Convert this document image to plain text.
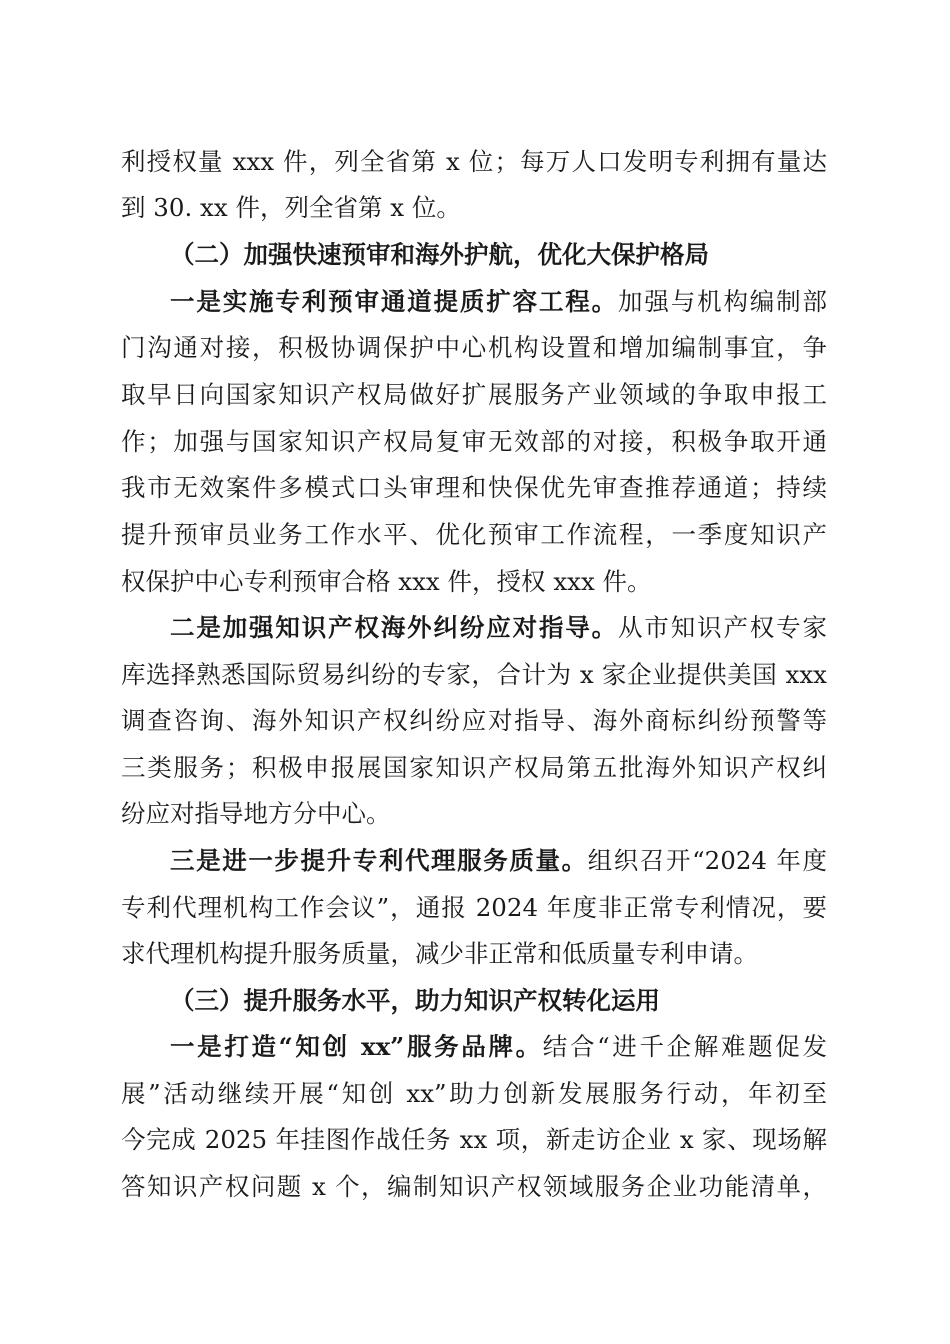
利授权量 xxx 件，列全省第 x 位；每万人口发明专利拥有量达
到 30. xx 件，列全省第 x 位。
（二）加强快速预审和海外护航，优化大保护格局
一是实施专利预审通道提质扩容工程。加强与机构编制部
门沟通对接，积极协调保护中心机构设置和增加编制事宜，争
取早日向国家知识产权局做好扩展服务产业领域的争取申报工
作；加强与国家知识产权局复审无效部的对接，积极争取开通
我市无效案件多模式口头审理和快保优先审查推荐通道；持续
提升预审员业务工作水平、优化预审工作流程，一季度知识产
权保护中心专利预审合格 xxx 件，授权 xxx 件。
二是加强知识产权海外纠纷应对指导。从市知识产权专家
库选择熟悉国际贸易纠纷的专家，合计为 x 家企业提供美国 xxx
调查咨询、海外知识产权纠纷应对指导、海外商标纠纷预警等
三类服务；积极申报展国家知识产权局第五批海外知识产权纠
纷应对指导地方分中心。
三是进一步提升专利代理服务质量。组织召开“2024 年度
专利代理机构工作会议”，通报 2024 年度非正常专利情况，要
求代理机构提升服务质量，减少非正常和低质量专利申请。
（三）提升服务水平，助力知识产权转化运用
一是打造“知创 xx”服务品牌。结合“进千企解难题促发
展”活动继续开展“知创 xx”助力创新发展服务行动，年初至
今完成 2025 年挂图作战任务 xx 项，新走访企业 x 家、现场解
答知识产权问题 x 个，编制知识产权领域服务企业功能清单，
